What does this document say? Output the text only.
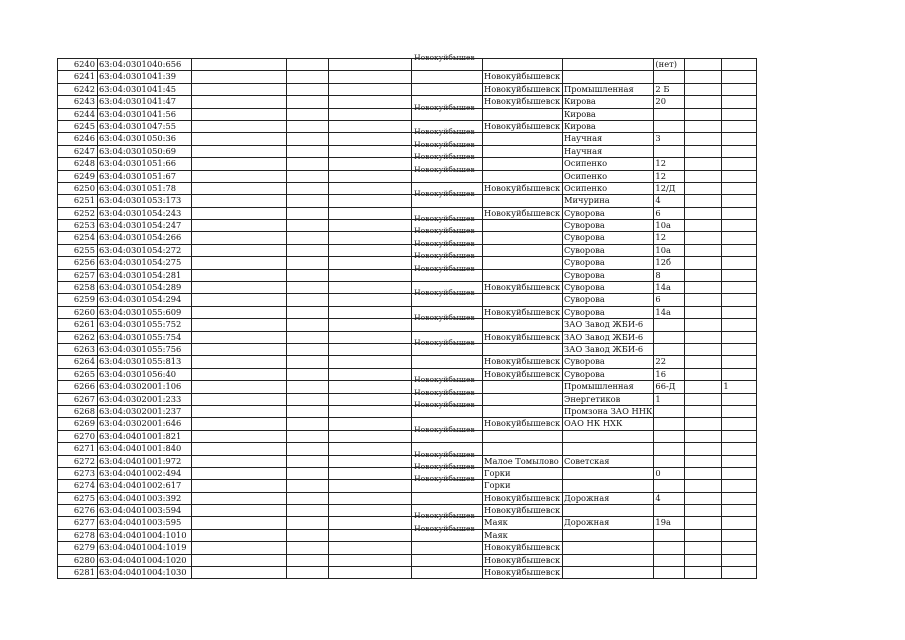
6240	63:04:0301040:656				Новокуйбышев			(нет)		
6241	63:04:0301041:39					Новокуйбышевск				
6242	63:04:0301041:45					Новокуйбышевск	Промышленная	2 Б		
6243	63:04:0301041:47					Новокуйбышевск	Кирова	20		
6244	63:04:0301041:56				Новокуйбышев		Кирова			
6245	63:04:0301047:55					Новокуйбышевск	Кирова			
6246	63:04:0301050:36				Новокуйбышев		Научная	3		
6247	63:04:0301050:69				Новокуйбышев		Научная			
6248	63:04:0301051:66				Новокуйбышев		Осипенко	12		
6249	63:04:0301051:67				Новокуйбышев		Осипенко	12		
6250	63:04:0301051:78					Новокуйбышевск	Осипенко	12/Д		
6251	63:04:0301053:173				Новокуйбышев		Мичурина	4		
6252	63:04:0301054:243					Новокуйбышевск	Суворова	6		
6253	63:04:0301054:247				Новокуйбышев		Суворова	10а		
6254	63:04:0301054:266				Новокуйбышев		Суворова	12		
6255	63:04:0301054:272				Новокуйбышев		Суворова	10а		
6256	63:04:0301054:275				Новокуйбышев		Суворова	12б		
6257	63:04:0301054:281				Новокуйбышев		Суворова	8		
6258	63:04:0301054:289					Новокуйбышевск	Суворова	14а		
6259	63:04:0301054:294				Новокуйбышев		Суворова	6		
6260	63:04:0301055:609					Новокуйбышевск	Суворова	14а		
6261	63:04:0301055:752				Новокуйбышев		ЗАО Завод ЖБИ-6			
6262	63:04:0301055:754					Новокуйбышевск	ЗАО Завод ЖБИ-6			
6263	63:04:0301055:756				Новокуйбышев		ЗАО Завод ЖБИ-6			
6264	63:04:0301055:813					Новокуйбышевск	Суворова	22		
6265	63:04:0301056:40					Новокуйбышевск	Суворова	16		
6266	63:04:0302001:106				Новокуйбышев		Промышленная	66-Д		1
6267	63:04:0302001:233				Новокуйбышев		Энергетиков	1		
6268	63:04:0302001:237				Новокуйбышев		Промзона ЗАО ННК			
6269	63:04:0302001:646					Новокуйбышевск	ОАО НК НХК			
6270	63:04:0401001:821				Новокуйбышев					

6271	63:04:0401001:840				

6272	63:04:0401001:972				Новокуйбышев	Малое Томылово	Советская			
6273	63:04:0401002:494				Новокуйбышев	Горки		0		
6274	63:04:0401002:617				Новокуйбышев	Горки				
6275	63:04:0401003:392					Новокуйбышевск	Дорожная	4		
6276	63:04:0401003:594					Новокуйбышевск				
6277	63:04:0401003:595				Новокуйбышев	Маяк	Дорожная	19а		
6278	63:04:0401004:1010				Новокуйбышев	Маяк				
6279	63:04:0401004:1019					Новокуйбышевск				
6280	63:04:0401004:1020					Новокуйбышевск				
6281	63:04:0401004:1030					Новокуйбышевск				
